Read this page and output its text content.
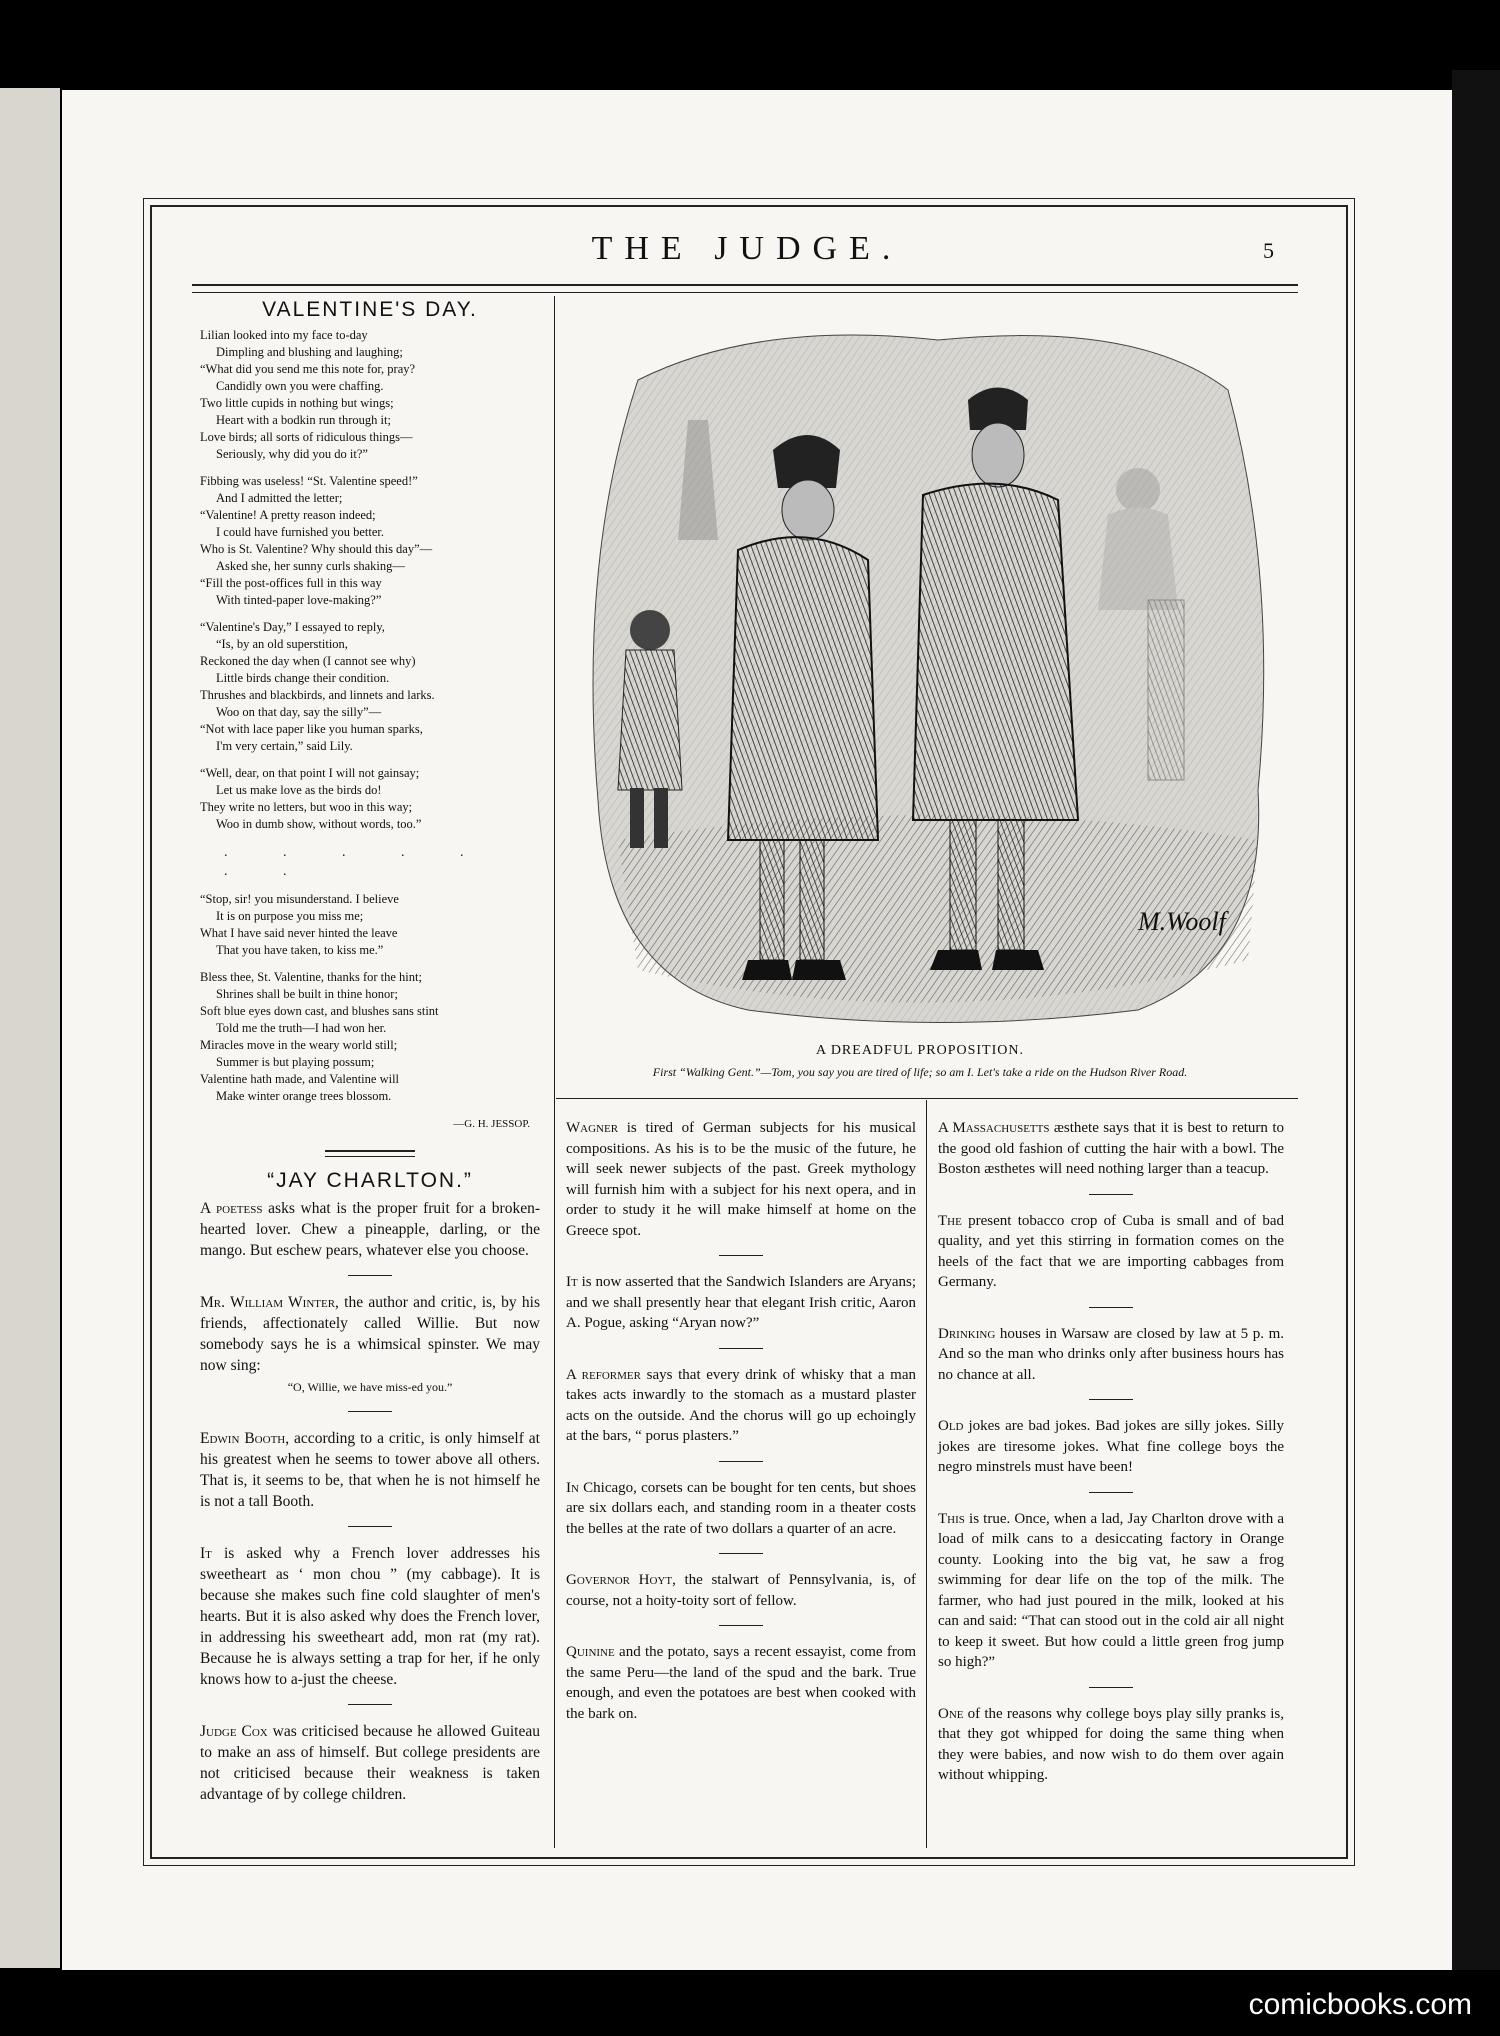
THE JUDGE.	5
VALENTINE'S DAY.
Lilian looked into my face to-day
Dimpling and blushing and laughing;
“What did you send me this note for, pray?
Candidly own you were chaffing.
Two little cupids in nothing but wings;
Heart with a bodkin run through it;
Love birds; all sorts of ridiculous things—
Seriously, why did you do it?”
Fibbing was useless! “St. Valentine speed!”
And I admitted the letter;
“Valentine! A pretty reason indeed;
I could have furnished you better.
Who is St. Valentine? Why should this day”—
Asked she, her sunny curls shaking—
“Fill the post-offices full in this way
With tinted-paper love-making?”
“Valentine's Day,” I essayed to reply,
“Is, by an old superstition,
Reckoned the day when (I cannot see why)
Little birds change their condition.
Thrushes and blackbirds, and linnets and larks.
Woo on that day, say the silly”—
“Not with lace paper like you human sparks,
I'm very certain,” said Lily.
“Well, dear, on that point I will not gainsay;
Let us make love as the birds do!
They write no letters, but woo in this way;
Woo in dumb show, without words, too.”
. . . . . . .
“Stop, sir! you misunderstand. I believe
It is on purpose you miss me;
What I have said never hinted the leave
That you have taken, to kiss me.”
Bless thee, St. Valentine, thanks for the hint;
Shrines shall be built in thine honor;
Soft blue eyes down cast, and blushes sans stint
Told me the truth—I had won her.
Miracles move in the weary world still;
Summer is but playing possum;
Valentine hath made, and Valentine will
Make winter orange trees blossom.
—G. H. JESSOP.
“JAY CHARLTON.”
A poetess asks what is the proper fruit for a broken-hearted lover. Chew a pineapple, darling, or the mango. But eschew pears, whatever else you choose.
Mr. William Winter, the author and critic, is, by his friends, affectionately called Willie. But now somebody says he is a whimsical spinster. We may now sing:
“O, Willie, we have miss-ed you.”
Edwin Booth, according to a critic, is only himself at his greatest when he seems to tower above all others. That is, it seems to be, that when he is not himself he is not a tall Booth.
It is asked why a French lover addresses his sweetheart as ‘ mon chou ” (my cabbage). It is because she makes such fine cold slaughter of men's hearts. But it is also asked why does the French lover, in addressing his sweetheart add, mon rat (my rat). Because he is always setting a trap for her, if he only knows how to a-just the cheese.
Judge Cox was criticised because he allowed Guiteau to make an ass of himself. But college presidents are not criticised because their weakness is taken advantage of by college children.
M.Woolf
A DREADFUL PROPOSITION.
First “Walking Gent.”—Tom, you say you are tired of life; so am I. Let's take a ride on the Hudson River Road.
Wagner is tired of German subjects for his musical compositions. As his is to be the music of the future, he will seek newer subjects of the past. Greek mythology will furnish him with a subject for his next opera, and in order to study it he will make himself at home on the Greece spot.
It is now asserted that the Sandwich Islanders are Aryans; and we shall presently hear that elegant Irish critic, Aaron A. Pogue, asking “Aryan now?”
A reformer says that every drink of whisky that a man takes acts inwardly to the stomach as a mustard plaster acts on the outside. And the chorus will go up echoingly at the bars, “ porus plasters.”
In Chicago, corsets can be bought for ten cents, but shoes are six dollars each, and standing room in a theater costs the belles at the rate of two dollars a quarter of an acre.
Governor Hoyt, the stalwart of Pennsylvania, is, of course, not a hoity-toity sort of fellow.
Quinine and the potato, says a recent essayist, come from the same Peru—the land of the spud and the bark. True enough, and even the potatoes are best when cooked with the bark on.
A Massachusetts æsthete says that it is best to return to the good old fashion of cutting the hair with a bowl. The Boston æsthetes will need nothing larger than a teacup.
The present tobacco crop of Cuba is small and of bad quality, and yet this stirring in formation comes on the heels of the fact that we are importing cabbages from Germany.
Drinking houses in Warsaw are closed by law at 5 p. m. And so the man who drinks only after business hours has no chance at all.
Old jokes are bad jokes. Bad jokes are silly jokes. Silly jokes are tiresome jokes. What fine college boys the negro minstrels must have been!
This is true. Once, when a lad, Jay Charlton drove with a load of milk cans to a desiccating factory in Orange county. Looking into the big vat, he saw a frog swimming for dear life on the top of the milk. The farmer, who had just poured in the milk, looked at his can and said: “That can stood out in the cold air all night to keep it sweet. But how could a little green frog jump so high?”
One of the reasons why college boys play silly pranks is, that they got whipped for doing the same thing when they were babies, and now wish to do them over again without whipping.
comicbooks.com
